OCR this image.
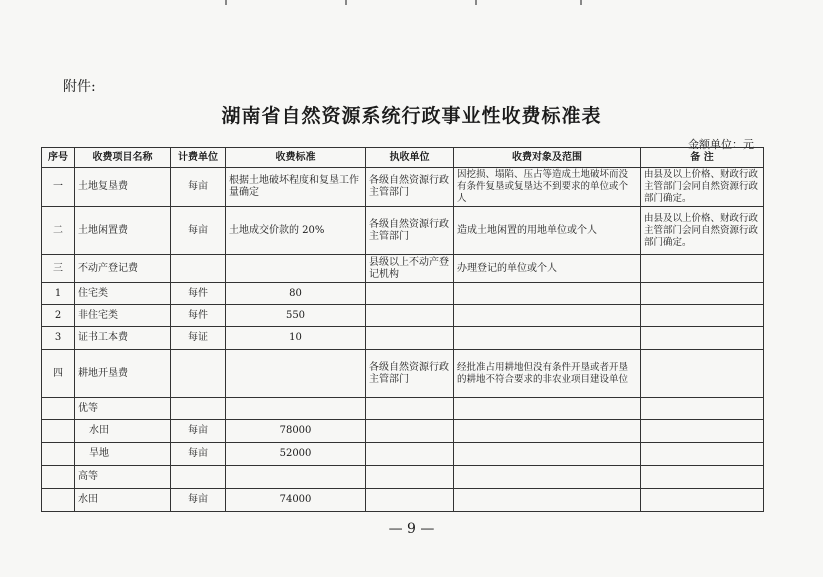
附件:
湖南省自然资源系统行政事业性收费标准表
金额单位：元
序号	收费项目名称	计费单位	收费标准	执收单位	收费对象及范围	备 注
一	土地复垦费	每亩	根据土地破坏程度和复垦工作量确定	各级自然资源行政主管部门	因挖损、塌陷、压占等造成土地破坏而没有条件复垦或复垦达不到要求的单位或个人	由县及以上价格、财政行政主管部门会同自然资源行政部门确定。
二	土地闲置费	每亩	土地成交价款的 20%	各级自然资源行政主管部门	造成土地闲置的用地单位或个人	由县及以上价格、财政行政主管部门会同自然资源行政部门确定。
三	不动产登记费			县级以上不动产登记机构	办理登记的单位或个人	
1	住宅类	每件	80			
2	非住宅类	每件	550			
3	证书工本费	每证	10			
四	耕地开垦费			各级自然资源行政主管部门	经批准占用耕地但没有条件开垦或者开垦的耕地不符合要求的非农业项目建设单位	
	优等					
	水田	每亩	78000			
	旱地	每亩	52000			
	高等					
	水田	每亩	74000			
— 9 —
